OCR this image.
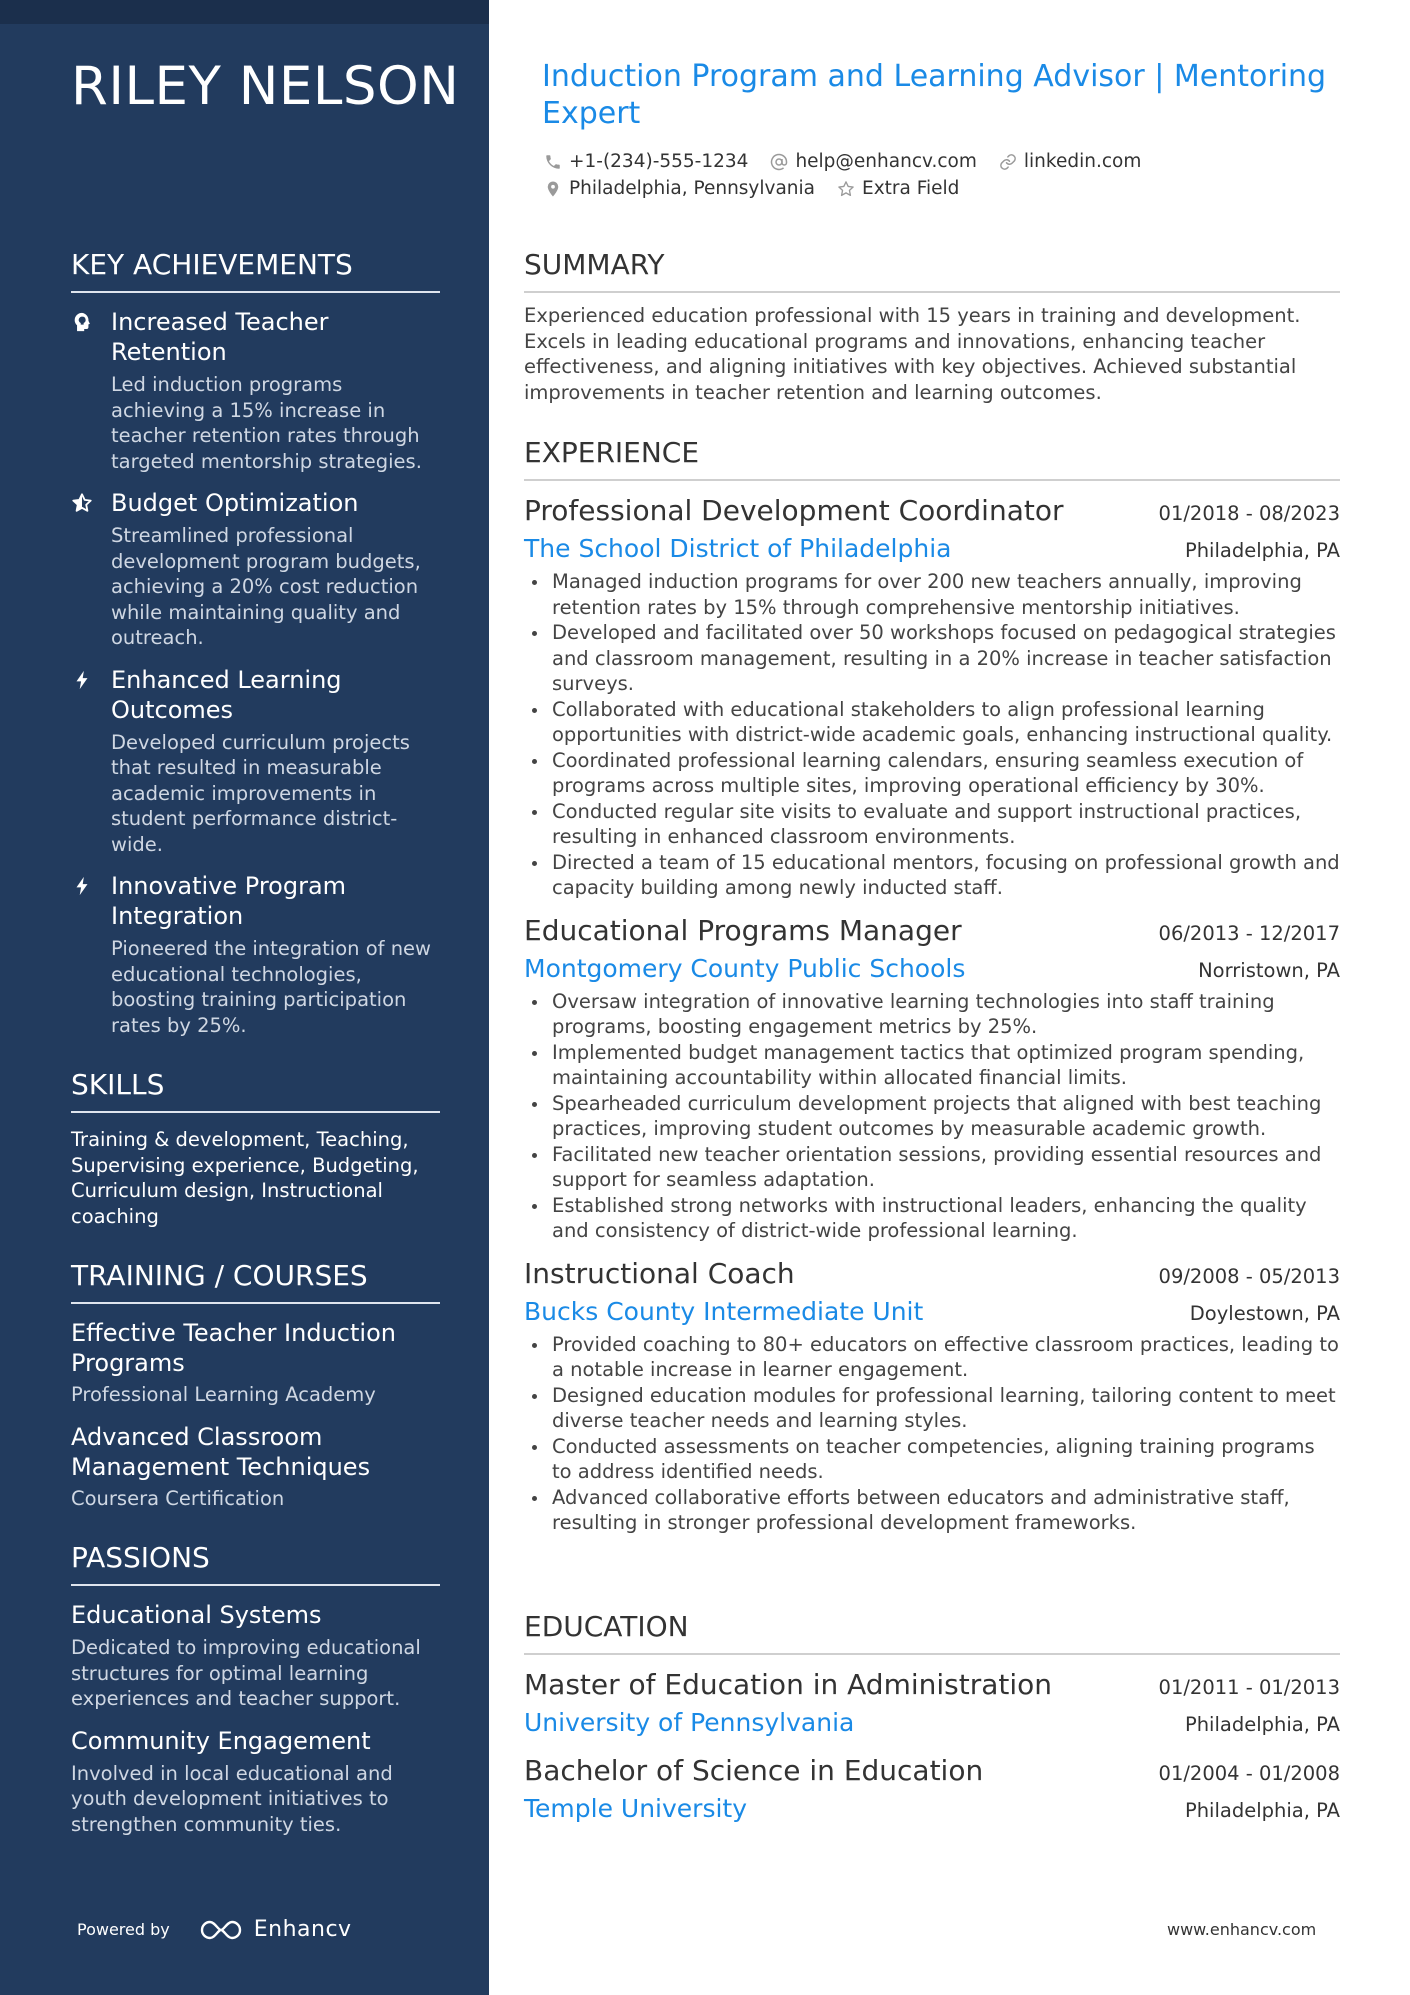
RILEY NELSON
KEY ACHIEVEMENTS
Increased Teacher Retention
Led induction programs achieving a 15% increase in teacher retention rates through targeted mentorship strategies.
Budget Optimization
Streamlined professional development program budgets, achieving a 20% cost reduction while maintaining quality and outreach.
Enhanced Learning Outcomes
Developed curriculum projects that resulted in measurable academic improvements in student performance district-wide.
Innovative Program Integration
Pioneered the integration of new educational technologies, boosting training participation rates by 25%.
SKILLS
Training & development, Teaching, Supervising experience, Budgeting, Curriculum design, Instructional coaching
TRAINING / COURSES
Effective Teacher Induction Programs
Professional Learning Academy
Advanced Classroom Management Techniques
Coursera Certification
PASSIONS
Educational Systems
Dedicated to improving educational structures for optimal learning experiences and teacher support.
Community Engagement
Involved in local educational and youth development initiatives to strengthen community ties.
Powered by	Enhancv
Induction Program and Learning Advisor | Mentoring Expert
+1-(234)-555-1234	help@enhancv.com	linkedin.com
Philadelphia, Pennsylvania	Extra Field
SUMMARY
Experienced education professional with 15 years in training and development. Excels in leading educational programs and innovations, enhancing teacher effectiveness, and aligning initiatives with key objectives. Achieved substantial improvements in teacher retention and learning outcomes.
EXPERIENCE
Professional Development Coordinator	01/2018 - 08/2023
The School District of Philadelphia	Philadelphia, PA
Managed induction programs for over 200 new teachers annually, improving retention rates by 15% through comprehensive mentorship initiatives.
Developed and facilitated over 50 workshops focused on pedagogical strategies and classroom management, resulting in a 20% increase in teacher satisfaction surveys.
Collaborated with educational stakeholders to align professional learning opportunities with district-wide academic goals, enhancing instructional quality.
Coordinated professional learning calendars, ensuring seamless execution of programs across multiple sites, improving operational efficiency by 30%.
Conducted regular site visits to evaluate and support instructional practices, resulting in enhanced classroom environments.
Directed a team of 15 educational mentors, focusing on professional growth and capacity building among newly inducted staff.
Educational Programs Manager	06/2013 - 12/2017
Montgomery County Public Schools	Norristown, PA
Oversaw integration of innovative learning technologies into staff training programs, boosting engagement metrics by 25%.
Implemented budget management tactics that optimized program spending, maintaining accountability within allocated financial limits.
Spearheaded curriculum development projects that aligned with best teaching practices, improving student outcomes by measurable academic growth.
Facilitated new teacher orientation sessions, providing essential resources and support for seamless adaptation.
Established strong networks with instructional leaders, enhancing the quality and consistency of district-wide professional learning.
Instructional Coach	09/2008 - 05/2013
Bucks County Intermediate Unit	Doylestown, PA
Provided coaching to 80+ educators on effective classroom practices, leading to a notable increase in learner engagement.
Designed education modules for professional learning, tailoring content to meet diverse teacher needs and learning styles.
Conducted assessments on teacher competencies, aligning training programs to address identified needs.
Advanced collaborative efforts between educators and administrative staff, resulting in stronger professional development frameworks.
EDUCATION
Master of Education in Administration	01/2011 - 01/2013
University of Pennsylvania	Philadelphia, PA
Bachelor of Science in Education	01/2004 - 01/2008
Temple University	Philadelphia, PA
www.enhancv.com
